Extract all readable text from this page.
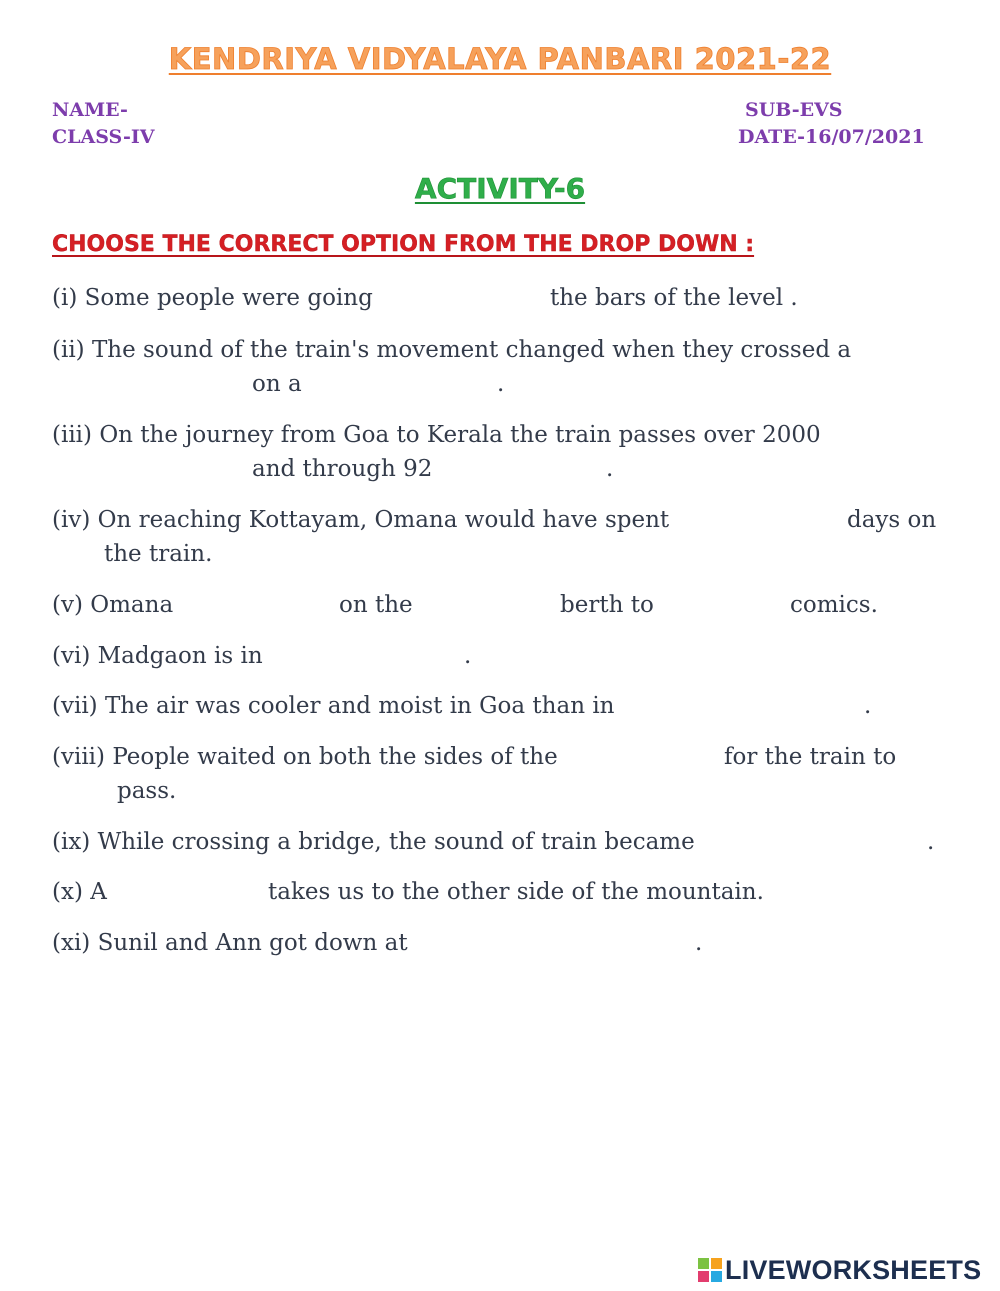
KENDRIYA VIDYALAYA PANBARI 2021-22
NAME-
CLASS-IV
SUB-EVS
DATE-16/07/2021
ACTIVITY-6
CHOOSE THE CORRECT OPTION FROM THE DROP DOWN :
(i) Some people were going	the bars of the level .
(ii) The sound of the train's movement changed when they crossed a
on a	.
(iii) On the journey from Goa to Kerala the train passes over 2000
and through 92	.
(iv) On reaching Kottayam, Omana would have spent	days on
the train.
(v) Omana	on the	berth to	comics.
(vi) Madgaon is in	.
(vii) The air was cooler and moist in Goa than in	.
(viii) People waited on both the sides of the	for the train to
pass.
(ix) While crossing a bridge, the sound of train became	.
(x) A	takes us to the other side of the mountain.
(xi) Sunil and Ann got down at	.
LIVEWORKSHEETS
